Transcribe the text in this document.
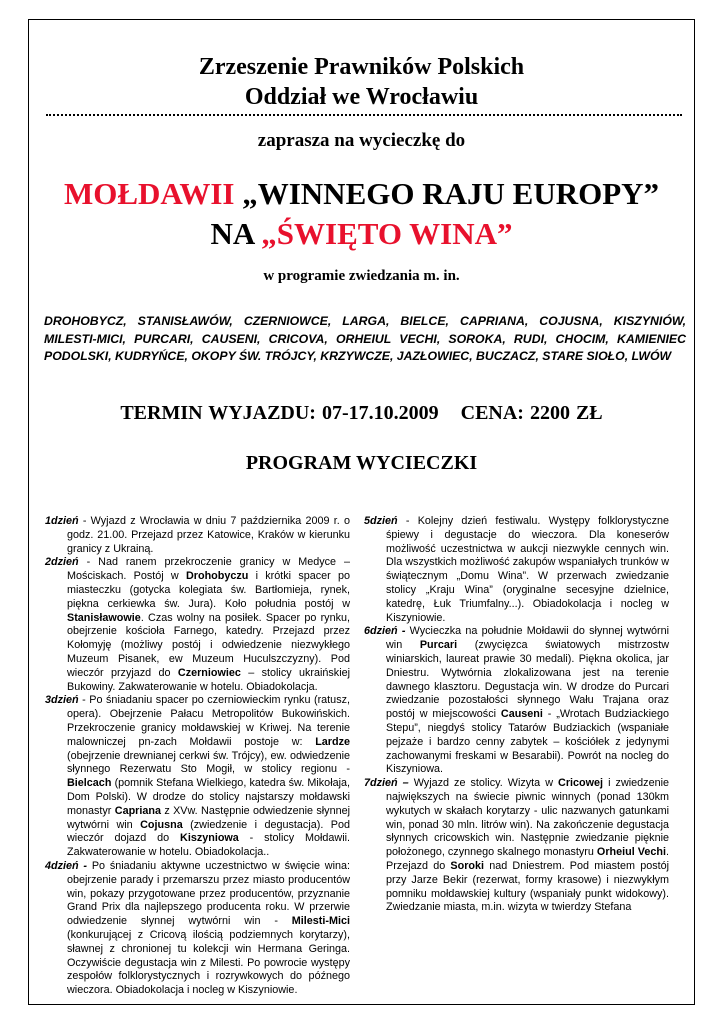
Zrzeszenie Prawników Polskich
Oddział we Wrocławiu
zaprasza na wycieczkę do
MOŁDAWII „WINNEGO RAJU EUROPY”
NA „ŚWIĘTO WINA”
w programie zwiedzania m. in.
DROHOBYCZ, STANISŁAWÓW, CZERNIOWCE, LARGA, BIELCE, CAPRIANA, COJUSNA, KISZYNIÓW, MILESTI-MICI, PURCARI, CAUSENI, CRICOVA, ORHEIUL VECHI, SOROKA, RUDI, CHOCIM, KAMIENIEC PODOLSKI, KUDRYŃCE, OKOPY ŚW. TRÓJCY, KRZYWCZE, JAZŁOWIEC, BUCZACZ, STARE SIOŁO, LWÓW
TERMIN WYJAZDU: 07-17.10.2009 CENA: 2200 ZŁ
PROGRAM WYCIECZKI

1dzień - Wyjazd z Wrocławia w dniu 7 października 2009 r. o godz. 21.00. Przejazd przez Katowice, Kraków w kierunku granicy z Ukrainą.

2dzień - Nad ranem przekroczenie granicy w Medyce – Mościskach. Postój w Drohobyczu i krótki spacer po miasteczku (gotycka kolegiata św. Bartłomieja, rynek, piękna cerkiewka św. Jura). Koło południa postój w Stanisławowie. Czas wolny na posiłek. Spacer po rynku, obejrzenie kościoła Farnego, katedry. Przejazd przez Kołomyję (możliwy postój i odwiedzenie niezwykłego Muzeum Pisanek, ew Muzeum Huculszczyzny). Pod wieczór przyjazd do Czerniowiec – stolicy ukraińskiej Bukowiny. Zakwaterowanie w hotelu. Obiadokolacja.

3dzień - Po śniadaniu spacer po czerniowieckim rynku (ratusz, opera). Obejrzenie Pałacu Metropolitów Bukowińskich. Przekroczenie granicy mołdawskiej w Kriwej. Na terenie malowniczej pn-zach Mołdawii postoje w: Lardze (obejrzenie drewnianej cerkwi św. Trójcy), ew. odwiedzenie słynnego Rezerwatu Sto Mogił, w stolicy regionu - Bielcach (pomnik Stefana Wielkiego, katedra św. Mikołaja, Dom Polski). W drodze do stolicy najstarszy mołdawski monastyr Capriana z XVw. Następnie odwiedzenie słynnej wytwórni win Cojusna (zwiedzenie i degustacja). Pod wieczór dojazd do Kiszyniowa - stolicy Mołdawii. Zakwaterowanie w hotelu. Obiadokolacja..

4dzień - Po śniadaniu aktywne uczestnictwo w święcie wina: obejrzenie parady i przemarszu przez miasto producentów win, pokazy przygotowane przez producentów, przyznanie Grand Prix dla najlepszego producenta roku. W przerwie odwiedzenie słynnej wytwórni win - Milesti-Mici (konkurującej z Cricovą ilością podziemnych korytarzy), sławnej z chronionej tu kolekcji win Hermana Geringa. Oczywiście degustacja win z Milesti. Po powrocie występy zespołów folklorystycznych i rozrywkowych do późnego wieczora. Obiadokolacja i nocleg w Kiszyniowie.

5dzień - Kolejny dzień festiwalu. Występy folklorystyczne śpiewy i degustacje do wieczora. Dla koneserów możliwość uczestnictwa w aukcji niezwykle cennych win. Dla wszystkich możliwość zakupów wspaniałych trunków w świątecznym „Domu Wina”. W przerwach zwiedzanie stolicy „Kraju Wina” (oryginalne secesyjne dzielnice, katedrę, Łuk Triumfalny...). Obiadokolacja i nocleg w Kiszyniowie.

6dzień - Wycieczka na południe Mołdawii do słynnej wytwórni win Purcari (zwycięzca światowych mistrzostw winiarskich, laureat prawie 30 medali). Piękna okolica, jar Dniestru. Wytwórnia zlokalizowana jest na terenie dawnego klasztoru. Degustacja win. W drodze do Purcari zwiedzanie pozostałości słynnego Wału Trajana oraz postój w miejscowości Causeni - „Wrotach Budziackiego Stepu”, niegdyś stolicy Tatarów Budziackich (wspaniałe pejzaże i bardzo cenny zabytek – kościółek z jedynymi zachowanymi freskami w Besarabii). Powrót na nocleg do Kiszyniowa.

7dzień – Wyjazd ze stolicy. Wizyta w Cricowej i zwiedzenie największych na świecie piwnic winnych (ponad 130km wykutych w skałach korytarzy - ulic nazwanych gatunkami win, ponad 30 mln. litrów win). Na zakończenie degustacja słynnych cricowskich win. Następnie zwiedzanie pięknie położonego, czynnego skalnego monastyru Orheiul Vechi. Przejazd do Soroki nad Dniestrem. Pod miastem postój przy Jarze Bekir (rezerwat, formy krasowe) i niezwykłym pomniku mołdawskiej kultury (wspaniały punkt widokowy). Zwiedzanie miasta, m.in. wizyta w twierdzy Stefana
